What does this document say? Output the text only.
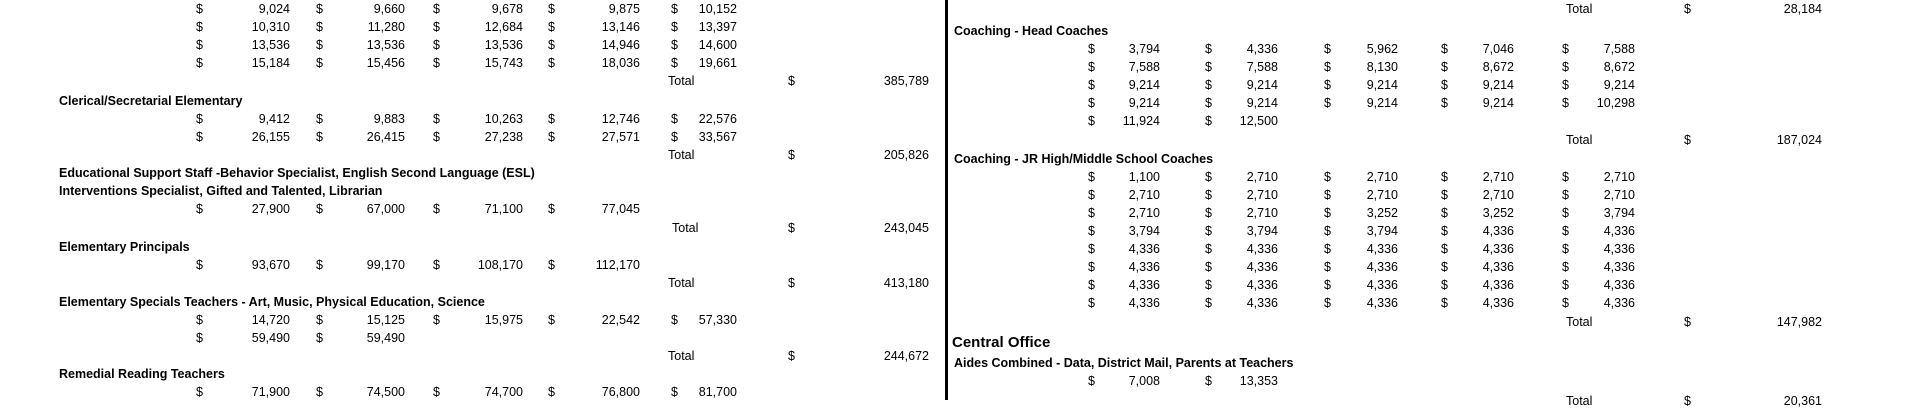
$	9,024 $	9,660 $	9,678 $	9,875 $	10,152
$	10,310 $	11,280 $	12,684 $	13,146 $	13,397
$	13,536 $	13,536 $	13,536 $	14,946 $	14,600
$	15,184 $	15,456 $	15,743 $	18,036 $	19,661
Total	$	385,789
Clerical/Secretarial Elementary
$	9,412 $	9,883 $	10,263 $	12,746 $	22,576
$	26,155 $	26,415 $	27,238 $	27,571 $	33,567
Total	$	205,826
Educational Support Staff -Behavior Specialist, English Second Language (ESL)
Interventions Specialist, Gifted and Talented, Librarian
$	27,900 $	67,000 $	71,100 $	77,045
Total	$	243,045
Elementary Principals
$	93,670 $	99,170 $	108,170 $	112,170
Total	$	413,180
Elementary Specials Teachers - Art, Music, Physical Education, Science
$	14,720 $	15,125 $	15,975 $	22,542 $	57,330
$	59,490 $	59,490
Total	$	244,672
Remedial Reading Teachers
$	71,900 $	74,500 $	74,700 $	76,800 $	81,700
Total	$	28,184
Coaching - Head Coaches
$	3,794	$	4,336	$	5,962	$	7,046	$	7,588
$	7,588	$	7,588	$	8,130	$	8,672	$	8,672
$	9,214	$	9,214	$	9,214	$	9,214	$	9,214
$	9,214	$	9,214	$	9,214	$	9,214	$	10,298
$	11,924	$	12,500
Total	$	187,024
Coaching - JR High/Middle School Coaches
$	1,100	$	2,710	$	2,710	$	2,710	$	2,710
$	2,710	$	2,710	$	2,710	$	2,710	$	2,710
$	2,710	$	2,710	$	3,252	$	3,252	$	3,794
$	3,794	$	3,794	$	3,794	$	4,336	$	4,336
$	4,336	$	4,336	$	4,336	$	4,336	$	4,336
$	4,336	$	4,336	$	4,336	$	4,336	$	4,336
$	4,336	$	4,336	$	4,336	$	4,336	$	4,336
$	4,336	$	4,336	$	4,336	$	4,336	$	4,336
Total	$	147,982
Central Office
Aides Combined - Data, District Mail, Parents at Teachers
$	7,008	$	13,353
Total	$	20,361
